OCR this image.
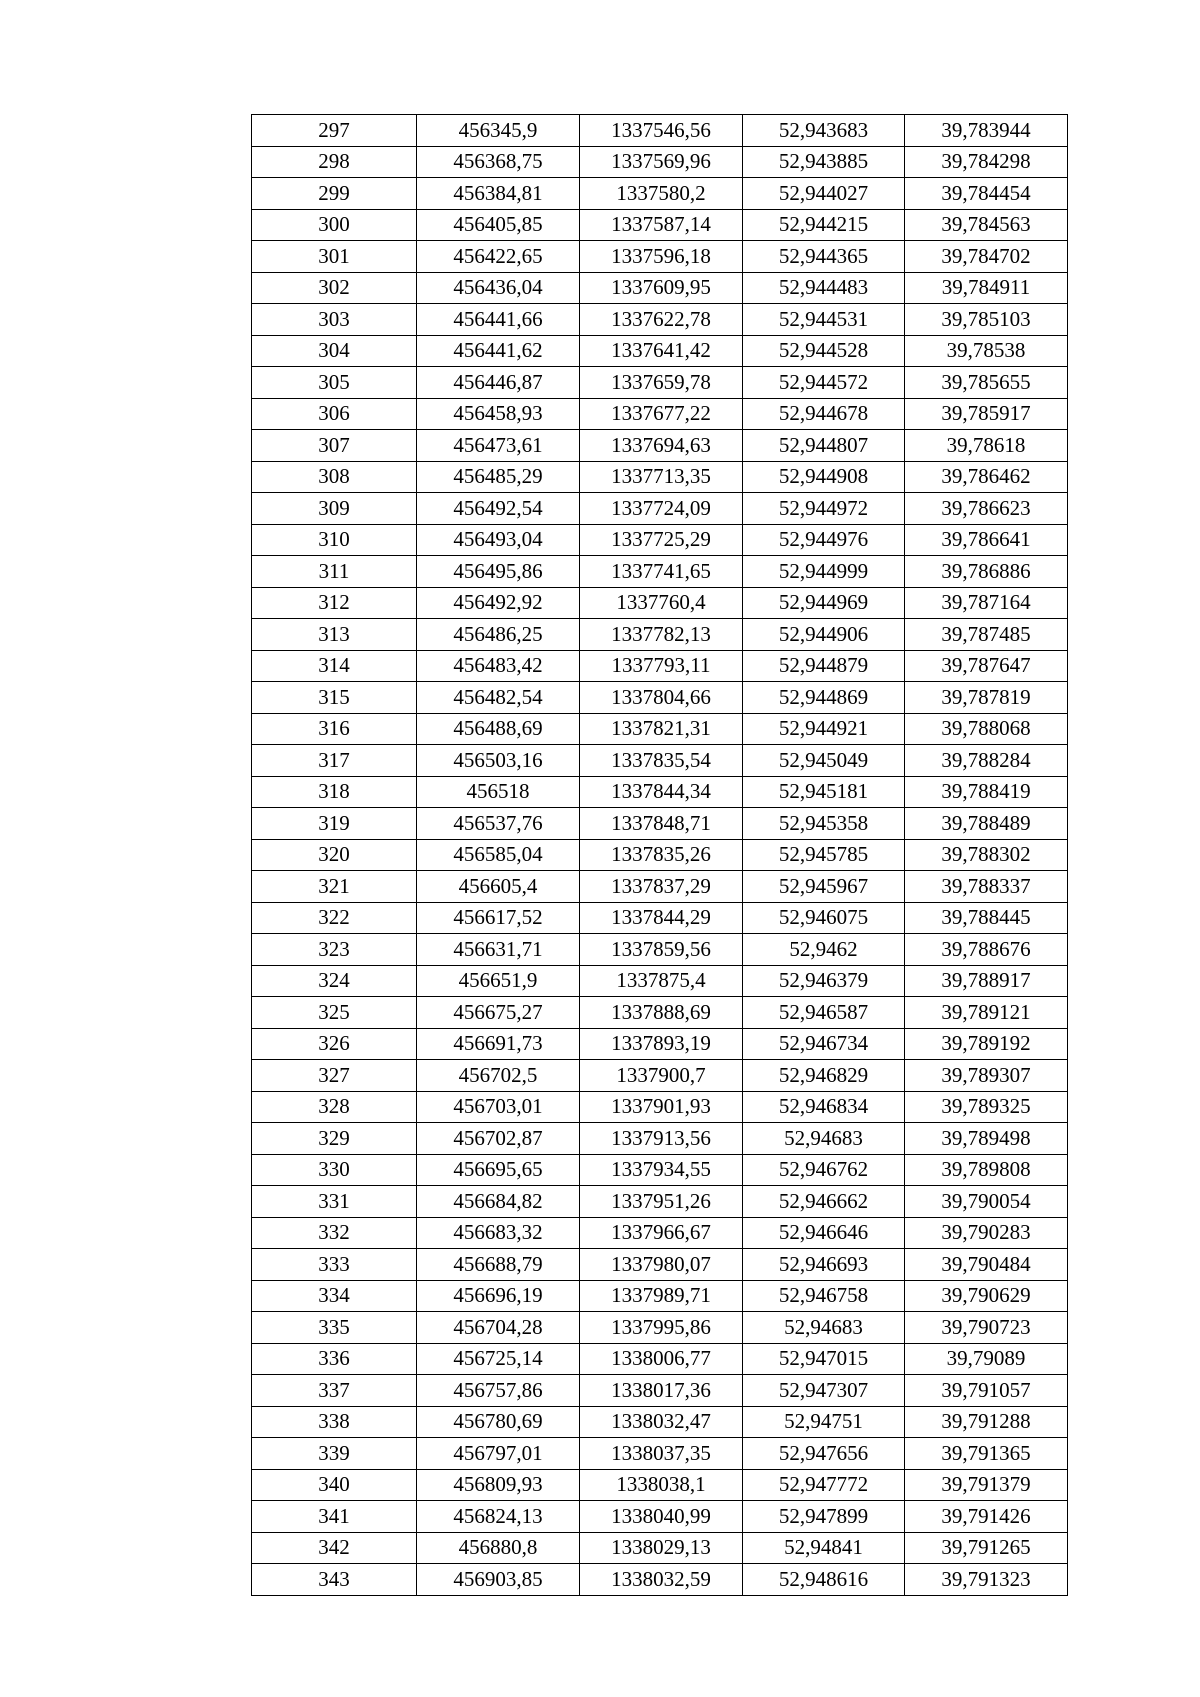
297	456345,9	1337546,56	52,943683	39,783944
298	456368,75	1337569,96	52,943885	39,784298
299	456384,81	1337580,2	52,944027	39,784454
300	456405,85	1337587,14	52,944215	39,784563
301	456422,65	1337596,18	52,944365	39,784702
302	456436,04	1337609,95	52,944483	39,784911
303	456441,66	1337622,78	52,944531	39,785103
304	456441,62	1337641,42	52,944528	39,78538
305	456446,87	1337659,78	52,944572	39,785655
306	456458,93	1337677,22	52,944678	39,785917
307	456473,61	1337694,63	52,944807	39,78618
308	456485,29	1337713,35	52,944908	39,786462
309	456492,54	1337724,09	52,944972	39,786623
310	456493,04	1337725,29	52,944976	39,786641
311	456495,86	1337741,65	52,944999	39,786886
312	456492,92	1337760,4	52,944969	39,787164
313	456486,25	1337782,13	52,944906	39,787485
314	456483,42	1337793,11	52,944879	39,787647
315	456482,54	1337804,66	52,944869	39,787819
316	456488,69	1337821,31	52,944921	39,788068
317	456503,16	1337835,54	52,945049	39,788284
318	456518	1337844,34	52,945181	39,788419
319	456537,76	1337848,71	52,945358	39,788489
320	456585,04	1337835,26	52,945785	39,788302
321	456605,4	1337837,29	52,945967	39,788337
322	456617,52	1337844,29	52,946075	39,788445
323	456631,71	1337859,56	52,9462	39,788676
324	456651,9	1337875,4	52,946379	39,788917
325	456675,27	1337888,69	52,946587	39,789121
326	456691,73	1337893,19	52,946734	39,789192
327	456702,5	1337900,7	52,946829	39,789307
328	456703,01	1337901,93	52,946834	39,789325
329	456702,87	1337913,56	52,94683	39,789498
330	456695,65	1337934,55	52,946762	39,789808
331	456684,82	1337951,26	52,946662	39,790054
332	456683,32	1337966,67	52,946646	39,790283
333	456688,79	1337980,07	52,946693	39,790484
334	456696,19	1337989,71	52,946758	39,790629
335	456704,28	1337995,86	52,94683	39,790723
336	456725,14	1338006,77	52,947015	39,79089
337	456757,86	1338017,36	52,947307	39,791057
338	456780,69	1338032,47	52,94751	39,791288
339	456797,01	1338037,35	52,947656	39,791365
340	456809,93	1338038,1	52,947772	39,791379
341	456824,13	1338040,99	52,947899	39,791426
342	456880,8	1338029,13	52,94841	39,791265
343	456903,85	1338032,59	52,948616	39,791323
